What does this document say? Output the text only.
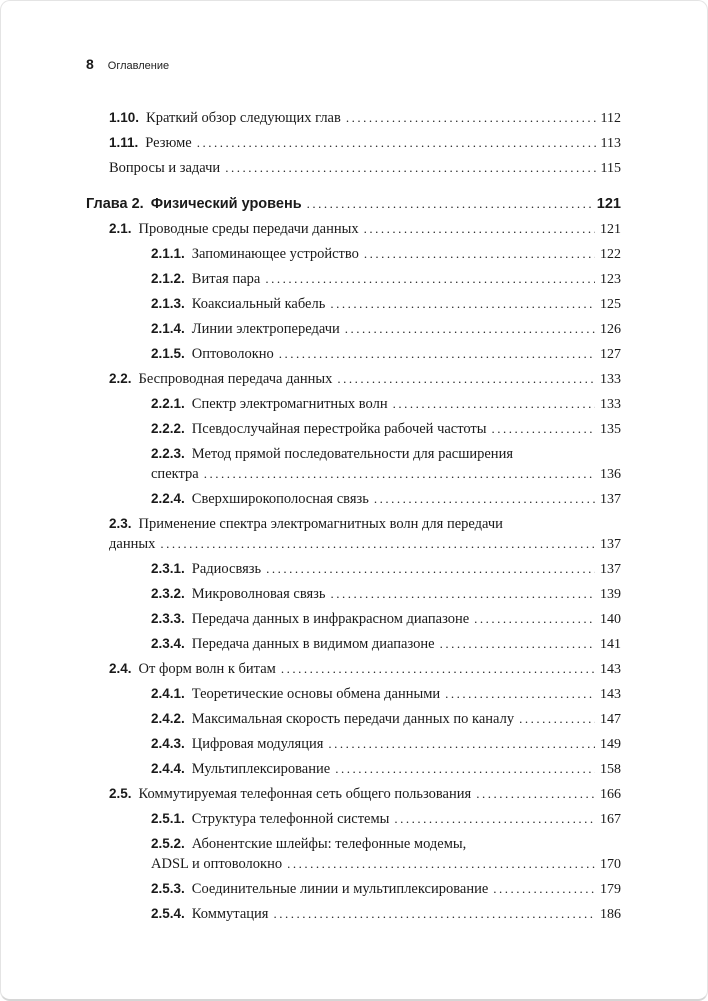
8 Оглавление
1.10. Краткий обзор следующих глав .....	112
1.11. Резюме .....	113
Вопросы и задачи .....	115
Глава 2. Физический уровень .....	121
2.1. Проводные среды передачи данных .....	121
2.1.1. Запоминающее устройство .....	122
2.1.2. Витая пара .....	123
2.1.3. Коаксиальный кабель .....	125
2.1.4. Линии электропередачи .....	126
2.1.5. Оптоволокно .....	127
2.2. Беспроводная передача данных .....	133
2.2.1. Спектр электромагнитных волн .....	133
2.2.2. Псевдослучайная перестройка рабочей частоты .....	135
2.2.3. Метод прямой последовательности для расширения
спектра .....	136
2.2.4. Сверхширокополосная связь .....	137
2.3. Применение спектра электромагнитных волн для передачи
данных .....	137
2.3.1. Радиосвязь .....	137
2.3.2. Микроволновая связь .....	139
2.3.3. Передача данных в инфракрасном диапазоне .....	140
2.3.4. Передача данных в видимом диапазоне .....	141
2.4. От форм волн к битам .....	143
2.4.1. Теоретические основы обмена данными .....	143
2.4.2. Максимальная скорость передачи данных по каналу .....	147
2.4.3. Цифровая модуляция .....	149
2.4.4. Мультиплексирование .....	158
2.5. Коммутируемая телефонная сеть общего пользования .....	166
2.5.1. Структура телефонной системы .....	167
2.5.2. Абонентские шлейфы: телефонные модемы,
ADSL и оптоволокно .....	170
2.5.3. Соединительные линии и мультиплексирование .....	179
2.5.4. Коммутация .....	186
